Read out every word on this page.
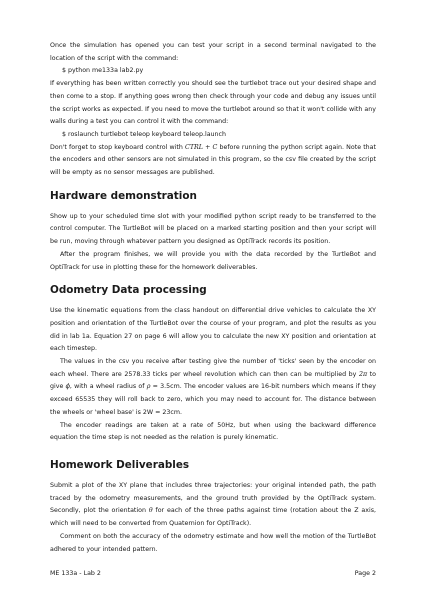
Once the simulation has opened you can test your script in a second terminal navigated to the location of the script with the command:

$ python me133a lab2.py

If everything has been written correctly you should see the turtlebot trace out your desired shape and then come to a stop. If anything goes wrong then check through your code and debug any issues until the script works as expected. If you need to move the turtlebot around so that it won't collide with any walls during a test you can control it with the command:

$ roslaunch turtlebot teleop keyboard teleop.launch

Don't forget to stop keyboard control with CTRL + C before running the python script again. Note that the encoders and other sensors are not simulated in this program, so the csv file created by the script will be empty as no sensor messages are published.

Hardware demonstration

Show up to your scheduled time slot with your modified python script ready to be transferred to the control computer. The TurtleBot will be placed on a marked starting position and then your script will be run, moving through whatever pattern you designed as OptiTrack records its position.

After the program finishes, we will provide you with the data recorded by the TurtleBot and OptiTrack for use in plotting these for the homework deliverables.

Odometry Data processing

Use the kinematic equations from the class handout on differential drive vehicles to calculate the XY position and orientation of the TurtleBot over the course of your program, and plot the results as you did in lab 1a. Equation 27 on page 6 will allow you to calculate the new XY position and orientation at each timestep.

The values in the csv you receive after testing give the number of 'ticks' seen by the encoder on each wheel. There are 2578.33 ticks per wheel revolution which can then can be multiplied by 2π to give ϕ, with a wheel radius of ρ = 3.5cm. The encoder values are 16-bit numbers which means if they exceed 65535 they will roll back to zero, which you may need to account for. The distance between the wheels or 'wheel base' is 2W = 23cm.

The encoder readings are taken at a rate of 50Hz, but when using the backward difference equation the time step is not needed as the relation is purely kinematic.

Homework Deliverables

Submit a plot of the XY plane that includes three trajectories: your original intended path, the path traced by the odometry measurements, and the ground truth provided by the OptiTrack system. Secondly, plot the orientation θ for each of the three paths against time (rotation about the Z axis, which will need to be converted from Quaternion for OptiTrack).

Comment on both the accuracy of the odometry estimate and how well the motion of the TurtleBot adhered to your intended pattern.

ME 133a - Lab 2	Page 2
